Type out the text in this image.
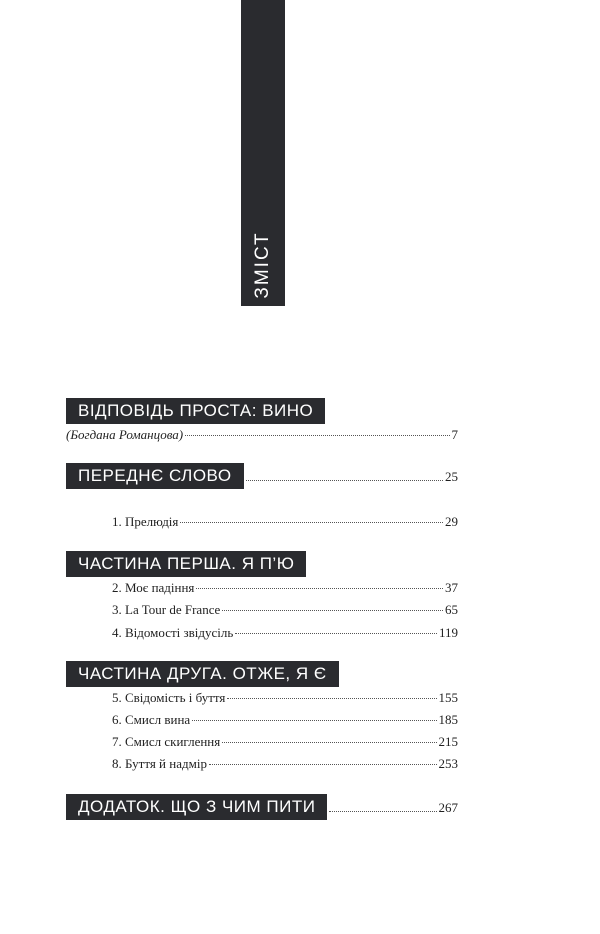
ЗМІСТ
ВІДПОВІДЬ ПРОСТА: ВИНО
(Богдана Романцова)	7
ПЕРЕДНЄ СЛОВО	25
1. Прелюдія	29
ЧАСТИНА ПЕРША. Я П’Ю
2. Моє падіння	37
3. La Tour de France	65
4. Відомості звідусіль	119
ЧАСТИНА ДРУГА. ОТЖЕ, Я Є
5. Свідомість і буття	155
6. Смисл вина	185
7. Смисл скиглення	215
8. Буття й надмір	253
ДОДАТОК. ЩО З ЧИМ ПИТИ	267
